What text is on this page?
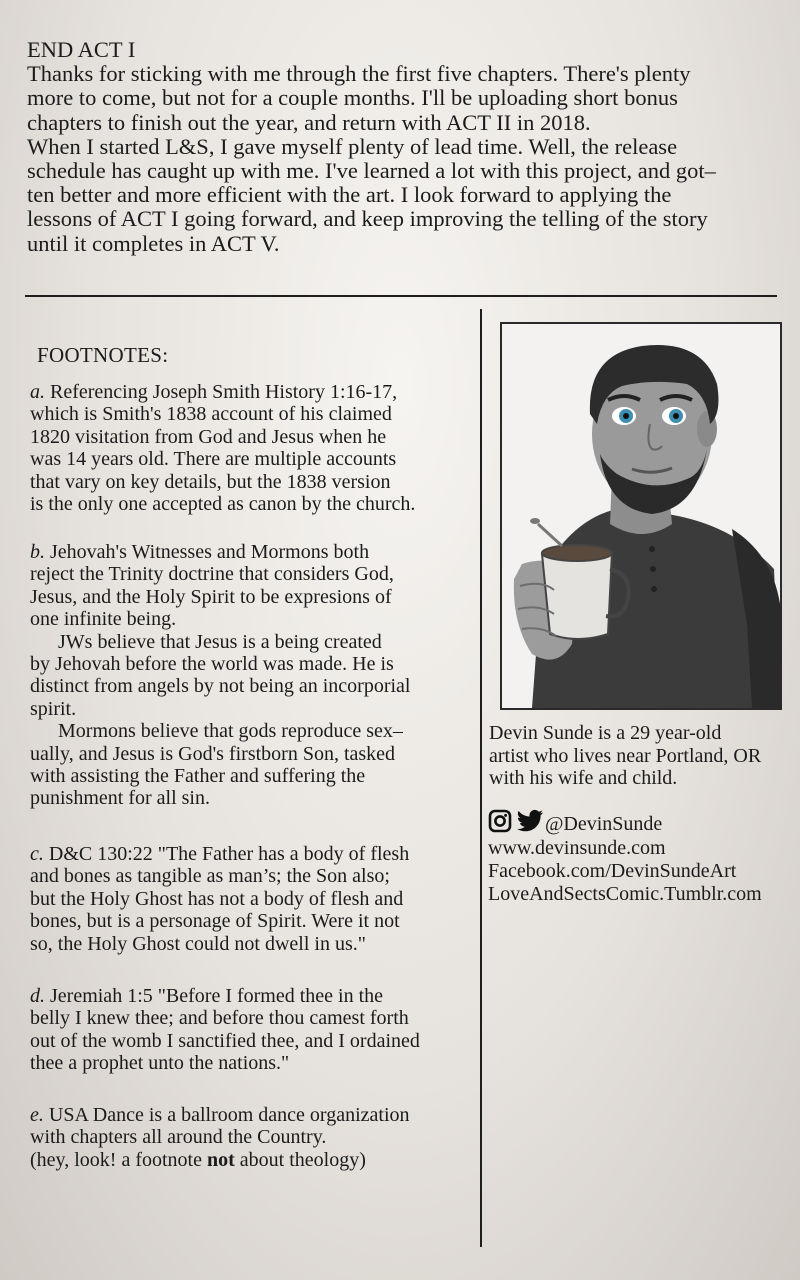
END ACT I
Thanks for sticking with me through the first five chapters. There's plenty
more to come, but not for a couple months. I'll be uploading short bonus
chapters to finish out the year, and return with ACT II in 2018.
When I started L&S, I gave myself plenty of lead time. Well, the release
schedule has caught up with me. I've learned a lot with this project, and got–
ten better and more efficient with the art. I look forward to applying the
lessons of ACT I going forward, and keep improving the telling of the story
until it completes in ACT V.
FOOTNOTES:
a. Referencing Joseph Smith History 1:16-17,
which is Smith's 1838 account of his claimed
1820 visitation from God and Jesus when he
was 14 years old. There are multiple accounts
that vary on key details, but the 1838 version
is the only one accepted as canon by the church.
b. Jehovah's Witnesses and Mormons both
reject the Trinity doctrine that considers God,
Jesus, and the Holy Spirit to be expresions of
one infinite being.
JWs believe that Jesus is a being created
by Jehovah before the world was made. He is
distinct from angels by not being an incorporial
spirit.
Mormons believe that gods reproduce sex–
ually, and Jesus is God's firstborn Son, tasked
with assisting the Father and suffering the
punishment for all sin.
c. D&C 130:22 "The Father has a body of flesh
and bones as tangible as man’s; the Son also;
but the Holy Ghost has not a body of flesh and
bones, but is a personage of Spirit. Were it not
so, the Holy Ghost could not dwell in us."
d. Jeremiah 1:5 "Before I formed thee in the
belly I knew thee; and before thou camest forth
out of the womb I sanctified thee, and I ordained
thee a prophet unto the nations."
e. USA Dance is a ballroom dance organization
with chapters all around the Country.
(hey, look! a footnote not about theology)
Devin Sunde is a 29 year-old
artist who lives near Portland, OR
with his wife and child.
@DevinSunde
www.devinsunde.com
Facebook.com/DevinSundeArt
LoveAndSectsComic.Tumblr.com
